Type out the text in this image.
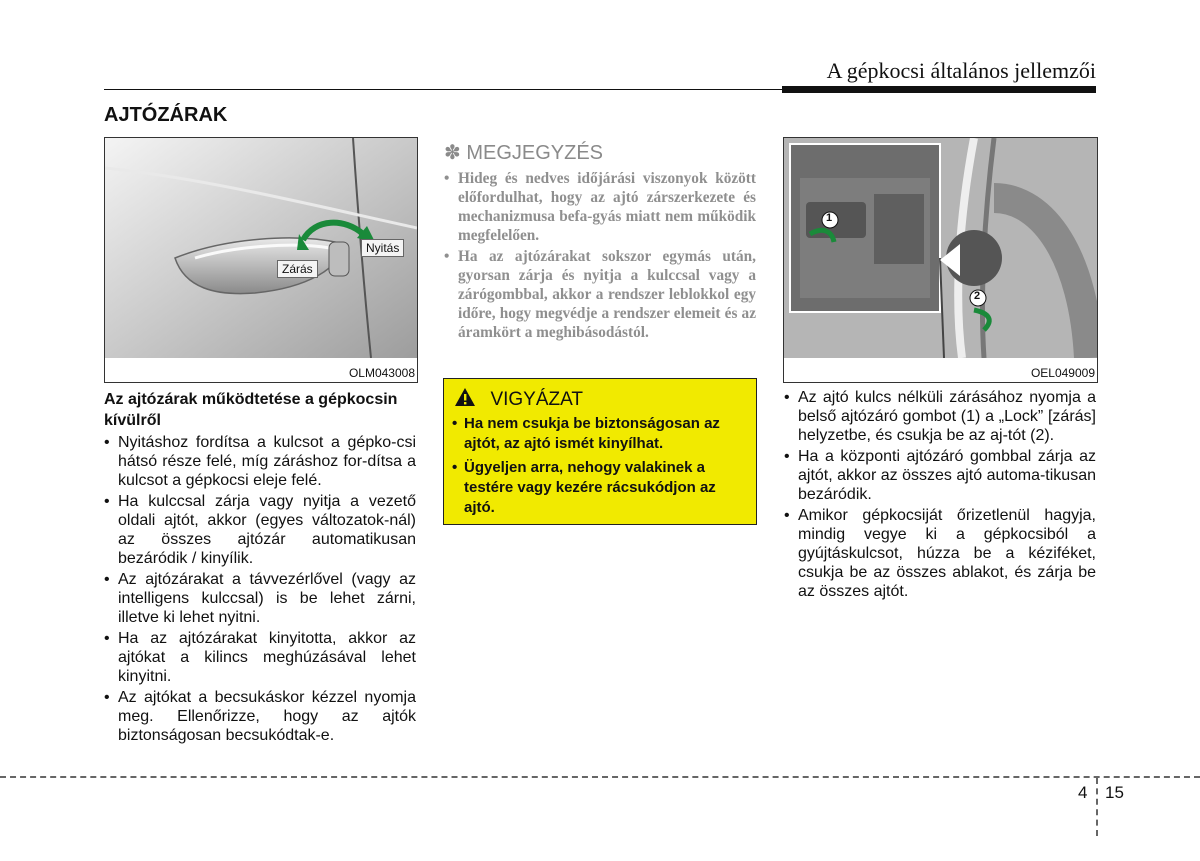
A gépkocsi általános jellemzői
AJTÓZÁRAK
Zárás
Nyitás
OLM043008
Az ajtózárak működtetése a gépkocsin kívülről
• Nyitáshoz fordítsa a kulcsot a gépko-csi hátsó része felé, míg záráshoz for-dítsa a kulcsot a gépkocsi eleje felé.
• Ha kulccsal zárja vagy nyitja a vezető oldali ajtót, akkor (egyes változatok-nál) az összes ajtózár automatikusan bezáródik / kinyílik.
• Az ajtózárakat a távvezérlővel (vagy az intelligens kulccsal) is be lehet zárni, illetve ki lehet nyitni.
• Ha az ajtózárakat kinyitotta, akkor az ajtókat a kilincs meghúzásával lehet kinyitni.
• Az ajtókat a becsukáskor kézzel nyomja meg. Ellenőrizze, hogy az ajtók biztonságosan becsukódtak-e.
✽ MEGJEGYZÉS
• Hideg és nedves időjárási viszonyok között előfordulhat, hogy az ajtó zárszerkezete és mechanizmusa befa-gyás miatt nem működik megfelelően.
• Ha az ajtózárakat sokszor egymás után, gyorsan zárja és nyitja a kulccsal vagy a zárógombbal, akkor a rendszer leblokkol egy időre, hogy megvédje a rendszer elemeit és az áramkört a meghibásodástól.
VIGYÁZAT
• Ha nem csukja be biztonságosan az ajtót, az ajtó ismét kinyílhat.
• Ügyeljen arra, nehogy valakinek a testére vagy kezére rácsukódjon az ajtó.
1
2
OEL049009
• Az ajtó kulcs nélküli zárásához nyomja a belső ajtózáró gombot (1) a „Lock” [zárás] helyzetbe, és csukja be az aj-tót (2).
• Ha a központi ajtózáró gombbal zárja az ajtót, akkor az összes ajtó automa-tikusan bezáródik.
• Amikor gépkocsiját őrizetlenül hagyja, mindig vegye ki a gépkocsiból a gyújtáskulcsot, húzza be a kéziféket, csukja be az összes ablakot, és zárja be az összes ajtót.
4 15
